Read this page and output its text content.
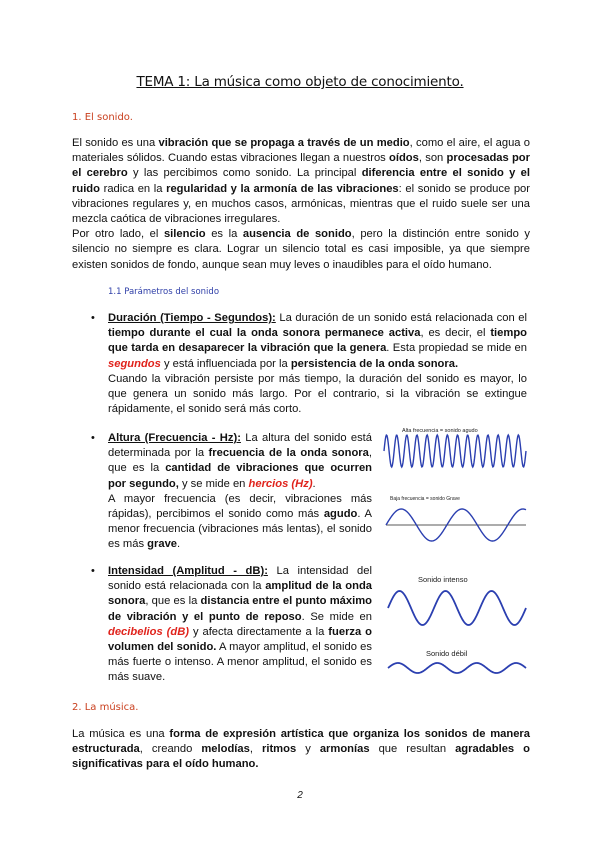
TEMA 1: La música como objeto de conocimiento.
1. El sonido.

El sonido es una vibración que se propaga a través de un medio, como el aire, el agua o materiales sólidos. Cuando estas vibraciones llegan a nuestros oídos, son procesadas por el cerebro y las percibimos como sonido. La principal diferencia entre el sonido y el ruido radica en la regularidad y la armonía de las vibraciones: el sonido se produce por vibraciones regulares y, en muchos casos, armónicas, mientras que el ruido suele ser una mezcla caótica de vibraciones irregulares.

Por otro lado, el silencio es la ausencia de sonido, pero la distinción entre sonido y silencio no siempre es clara. Lograr un silencio total es casi imposible, ya que siempre existen sonidos de fondo, aunque sean muy leves o inaudibles para el oído humano.

1.1 Parámetros del sonido
• Duración (Tiempo - Segundos): La duración de un sonido está relacionada con el tiempo durante el cual la onda sonora permanece activa, es decir, el tiempo que tarda en desaparecer la vibración que la genera. Esta propiedad se mide en segundos y está influenciada por la persistencia de la onda sonora.

Cuando la vibración persiste por más tiempo, la duración del sonido es mayor, lo que genera un sonido más largo. Por el contrario, si la vibración se extingue rápidamente, el sonido será más corto.

• Altura (Frecuencia - Hz): La altura del sonido está determinada por la frecuencia de la onda sonora, que es la cantidad de vibraciones que ocurren por segundo, y se mide en hercios (Hz).

A mayor frecuencia (es decir, vibraciones más rápidas), percibimos el sonido como más agudo. A menor frecuencia (vibraciones más lentas), el sonido es más grave.

Alta frecuencia = sonido agudo
Baja frecuencia = sonido Grave
• Intensidad (Amplitud - dB): La intensidad del sonido está relacionada con la amplitud de la onda sonora, que es la distancia entre el punto máximo de vibración y el punto de reposo. Se mide en decibelios (dB) y afecta directamente a la fuerza o volumen del sonido. A mayor amplitud, el sonido es más fuerte o intenso. A menor amplitud, el sonido es más suave.

Sonido intenso
Sonido débil
2. La música.

La música es una forma de expresión artística que organiza los sonidos de manera estructurada, creando melodías, ritmos y armonías que resultan agradables o significativas para el oído humano.

2
